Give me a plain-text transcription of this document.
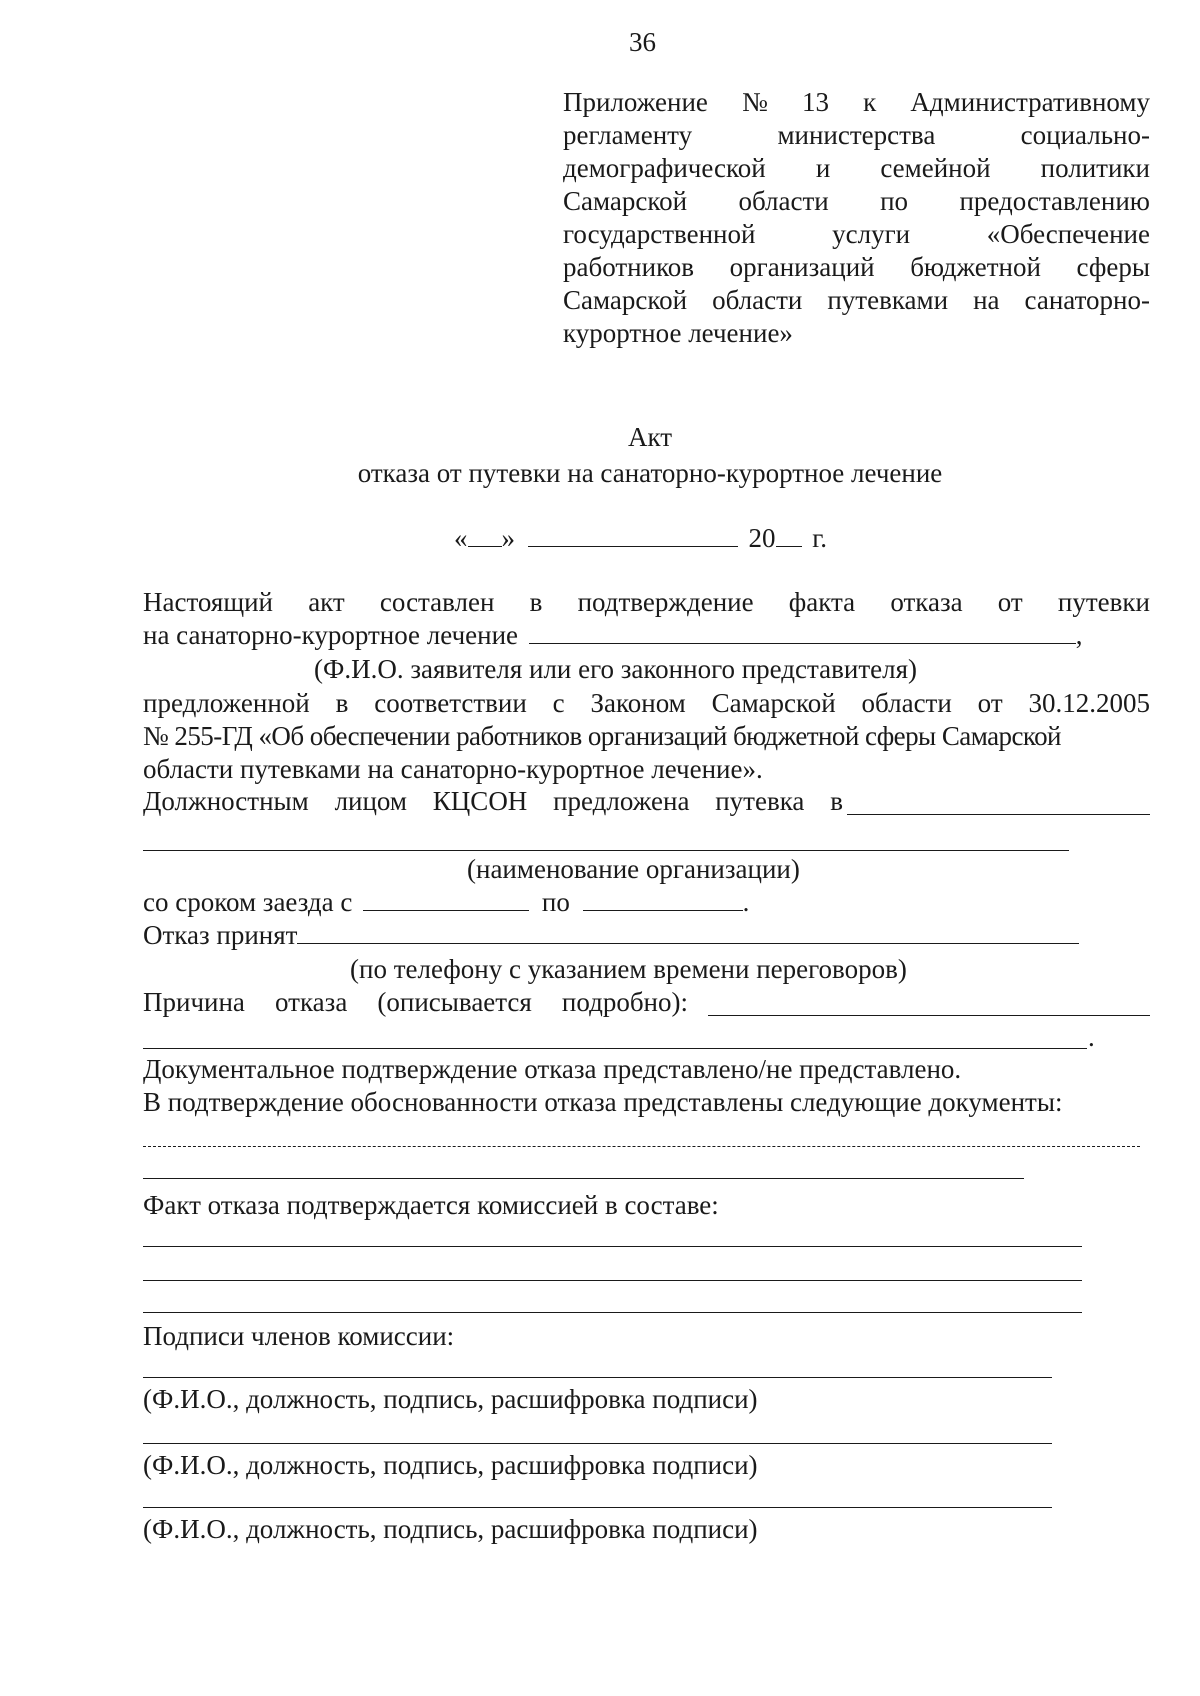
36
Приложение № 13 к Административному
регламенту	министерства	социально-
демографической и семейной политики
Самарской области по предоставлению
государственной	услуги	«Обеспечение
работников организаций бюджетной сферы
Самарской области путевками на санаторно-
курортное лечение»
Акт
отказа от путевки на санаторно-курортное лечение
« »	20 г.
Настоящий акт составлен в подтверждение факта отказа от путевки
на санаторно-курортное лечение	,
(Ф.И.О. заявителя или его законного представителя)
предложенной в соответствии с Законом Самарской области от 30.12.2005
№ 255-ГД «Об обеспечении работников организаций бюджетной сферы Самарской
области путевками на санаторно-курортное лечение».
Должностным лицом КЦСОН предложена путевка в
(наименование организации)
со сроком заезда с	по	.
Отказ принят
(по телефону с указанием времени переговоров)
Причина отказа (описывается подробно):
.
Документальное подтверждение отказа представлено/не представлено.
В подтверждение обоснованности отказа представлены следующие документы:
Факт отказа подтверждается комиссией в составе:
Подписи членов комиссии:
(Ф.И.О., должность, подпись, расшифровка подписи)
(Ф.И.О., должность, подпись, расшифровка подписи)
(Ф.И.О., должность, подпись, расшифровка подписи)
